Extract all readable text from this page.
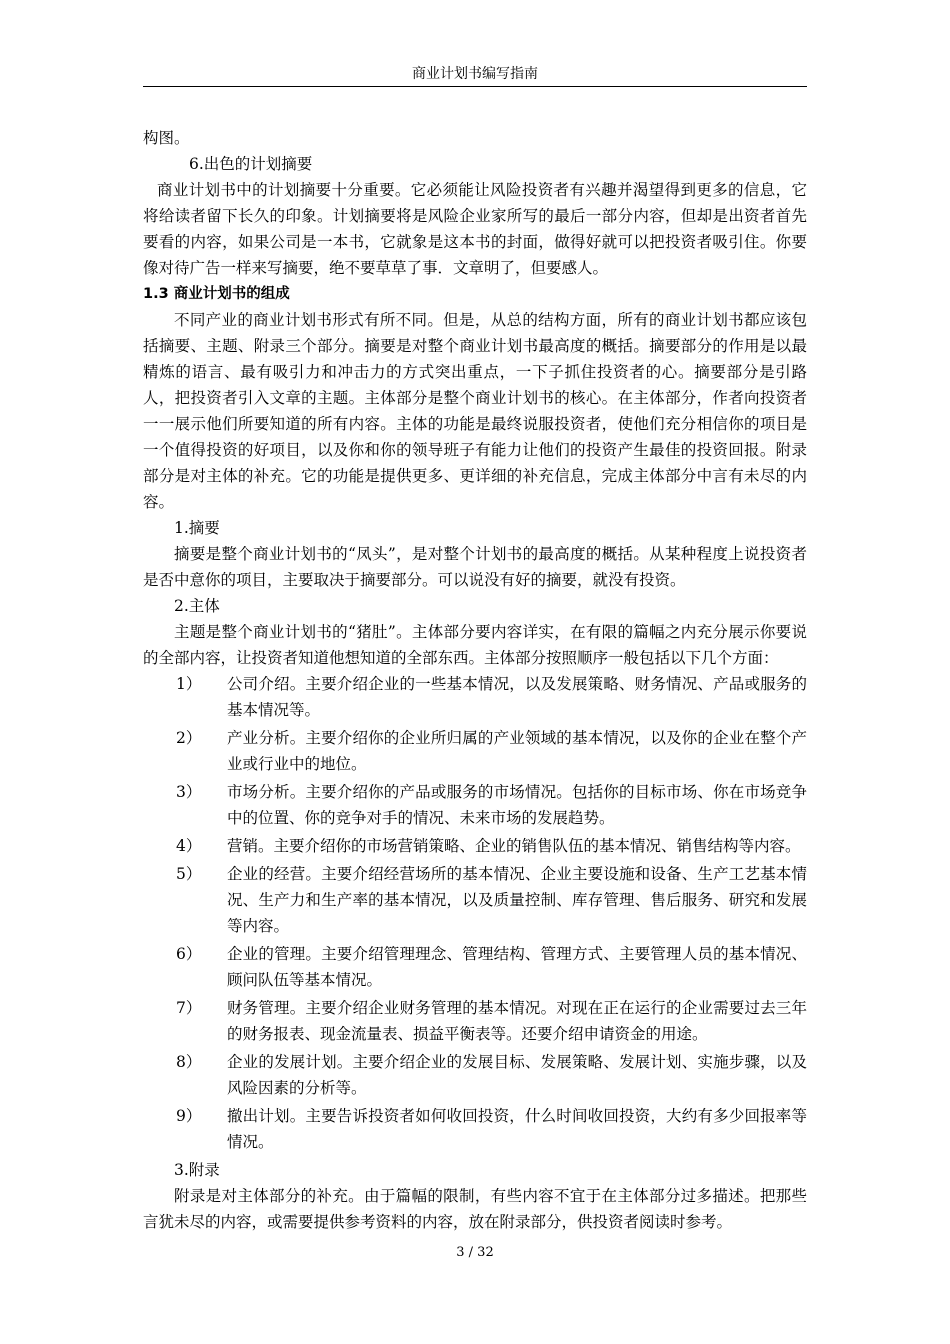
商业计划书编写指南

构图。

6.出色的计划摘要

商业计划书中的计划摘要十分重要。它必须能让风险投资者有兴趣并渴望得到更多的信息，它将给读者留下长久的印象。计划摘要将是风险企业家所写的最后一部分内容，但却是出资者首先要看的内容，如果公司是一本书，它就象是这本书的封面，做得好就可以把投资者吸引住。你要像对待广告一样来写摘要，绝不要草草了事．文章明了，但要感人。

1.3 商业计划书的组成

不同产业的商业计划书形式有所不同。但是，从总的结构方面，所有的商业计划书都应该包括摘要、主题、附录三个部分。摘要是对整个商业计划书最高度的概括。摘要部分的作用是以最精炼的语言、最有吸引力和冲击力的方式突出重点，一下子抓住投资者的心。摘要部分是引路人，把投资者引入文章的主题。主体部分是整个商业计划书的核心。在主体部分，作者向投资者一一展示他们所要知道的所有内容。主体的功能是最终说服投资者，使他们充分相信你的项目是一个值得投资的好项目，以及你和你的领导班子有能力让他们的投资产生最佳的投资回报。附录部分是对主体的补充。它的功能是提供更多、更详细的补充信息，完成主体部分中言有未尽的内容。

1.摘要

摘要是整个商业计划书的“凤头”，是对整个计划书的最高度的概括。从某种程度上说投资者是否中意你的项目，主要取决于摘要部分。可以说没有好的摘要，就没有投资。

2.主体

主题是整个商业计划书的“猪肚”。主体部分要内容详实，在有限的篇幅之内充分展示你要说的全部内容，让投资者知道他想知道的全部东西。主体部分按照顺序一般包括以下几个方面：

1）	公司介绍。主要介绍企业的一些基本情况，以及发展策略、财务情况、产品或服务的基本情况等。
2）	产业分析。主要介绍你的企业所归属的产业领域的基本情况，以及你的企业在整个产业或行业中的地位。
3）	市场分析。主要介绍你的产品或服务的市场情况。包括你的目标市场、你在市场竞争中的位置、你的竞争对手的情况、未来市场的发展趋势。
4）	营销。主要介绍你的市场营销策略、企业的销售队伍的基本情况、销售结构等内容。
5）	企业的经营。主要介绍经营场所的基本情况、企业主要设施和设备、生产工艺基本情况、生产力和生产率的基本情况，以及质量控制、库存管理、售后服务、研究和发展等内容。
6）	企业的管理。主要介绍管理理念、管理结构、管理方式、主要管理人员的基本情况、顾问队伍等基本情况。
7）	财务管理。主要介绍企业财务管理的基本情况。对现在正在运行的企业需要过去三年的财务报表、现金流量表、损益平衡表等。还要介绍申请资金的用途。
8）	企业的发展计划。主要介绍企业的发展目标、发展策略、发展计划、实施步骤，以及风险因素的分析等。
9）	撤出计划。主要告诉投资者如何收回投资，什么时间收回投资，大约有多少回报率等情况。

3.附录

附录是对主体部分的补充。由于篇幅的限制，有些内容不宜于在主体部分过多描述。把那些言犹未尽的内容，或需要提供参考资料的内容，放在附录部分，供投资者阅读时参考。

3 / 32
